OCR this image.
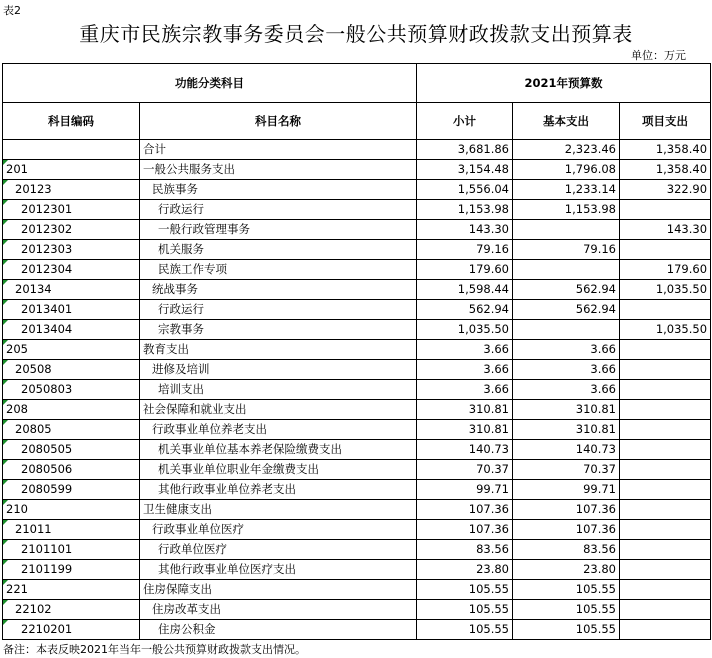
表2
重庆市民族宗教事务委员会一般公共预算财政拨款支出预算表
单位：万元
功能分类科目		2021年预算数		
科目编码	科目名称	小计	基本支出	项目支出
	合计	3,681.86	2,323.46	1,358.40
201	一般公共服务支出	3,154.48	1,796.08	1,358.40
20123	民族事务	1,556.04	1,233.14	322.90
2012301	行政运行	1,153.98	1,153.98	
2012302	一般行政管理事务	143.30		143.30
2012303	机关服务	79.16	79.16	
2012304	民族工作专项	179.60		179.60
20134	统战事务	1,598.44	562.94	1,035.50
2013401	行政运行	562.94	562.94	
2013404	宗教事务	1,035.50		1,035.50
205	教育支出	3.66	3.66	
20508	进修及培训	3.66	3.66	
2050803	培训支出	3.66	3.66	
208	社会保障和就业支出	310.81	310.81	
20805	行政事业单位养老支出	310.81	310.81	
2080505	机关事业单位基本养老保险缴费支出	140.73	140.73	
2080506	机关事业单位职业年金缴费支出	70.37	70.37	
2080599	其他行政事业单位养老支出	99.71	99.71	
210	卫生健康支出	107.36	107.36	
21011	行政事业单位医疗	107.36	107.36	
2101101	行政单位医疗	83.56	83.56	
2101199	其他行政事业单位医疗支出	23.80	23.80	
221	住房保障支出	105.55	105.55	
22102	住房改革支出	105.55	105.55	
2210201	住房公积金	105.55	105.55	
备注：本表反映2021年当年一般公共预算财政拨款支出情况。
